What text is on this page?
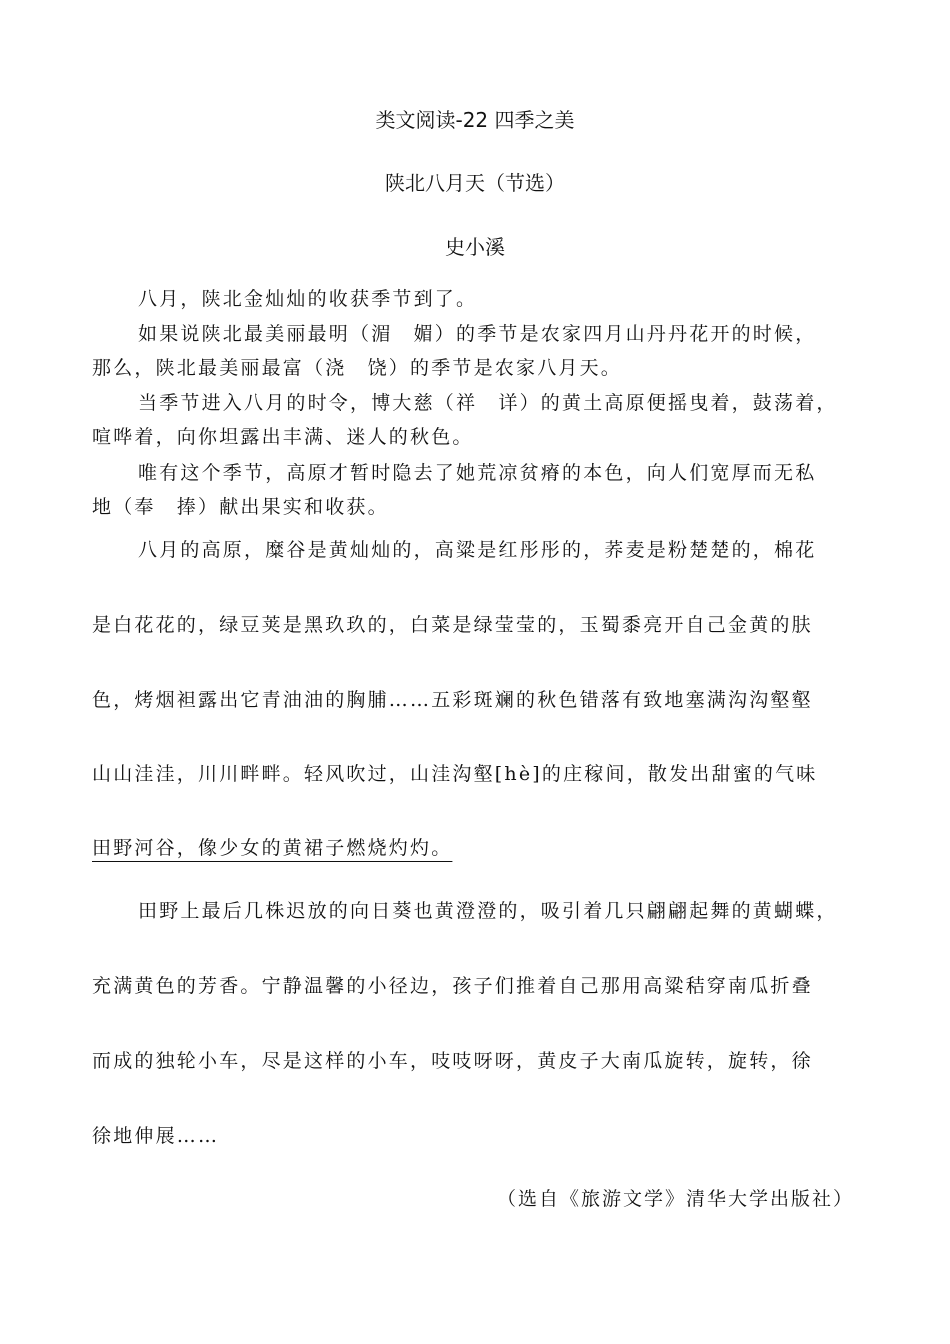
类文阅读-22 四季之美
陕北八月天（节选）
史小溪
八月，陕北金灿灿的收获季节到了。
如果说陕北最美丽最明（湄　媚）的季节是农家四月山丹丹花开的时候，
那么，陕北最美丽最富（浇　饶）的季节是农家八月天。
当季节进入八月的时令，博大慈（祥　详）的黄土高原便摇曳着，鼓荡着，
喧哗着，向你坦露出丰满、迷人的秋色。
唯有这个季节，高原才暂时隐去了她荒凉贫瘠的本色，向人们宽厚而无私
地（奉　捧）献出果实和收获。
八月的高原，糜谷是黄灿灿的，高粱是红彤彤的，荞麦是粉楚楚的，棉花
是白花花的，绿豆荚是黑玖玖的，白菜是绿莹莹的，玉蜀黍亮开自己金黄的肤
色，烤烟袒露出它青油油的胸脯……五彩斑斓的秋色错落有致地塞满沟沟壑壑
山山洼洼，川川畔畔。轻风吹过，山洼沟壑[hè]的庄稼间，散发出甜蜜的气味
田野河谷，像少女的黄裙子燃烧灼灼。
田野上最后几株迟放的向日葵也黄澄澄的，吸引着几只翩翩起舞的黄蝴蝶，
充满黄色的芳香。宁静温馨的小径边，孩子们推着自己那用高粱秸穿南瓜折叠
而成的独轮小车，尽是这样的小车，吱吱呀呀，黄皮子大南瓜旋转，旋转，徐
徐地伸展……
（选自《旅游文学》清华大学出版社）
